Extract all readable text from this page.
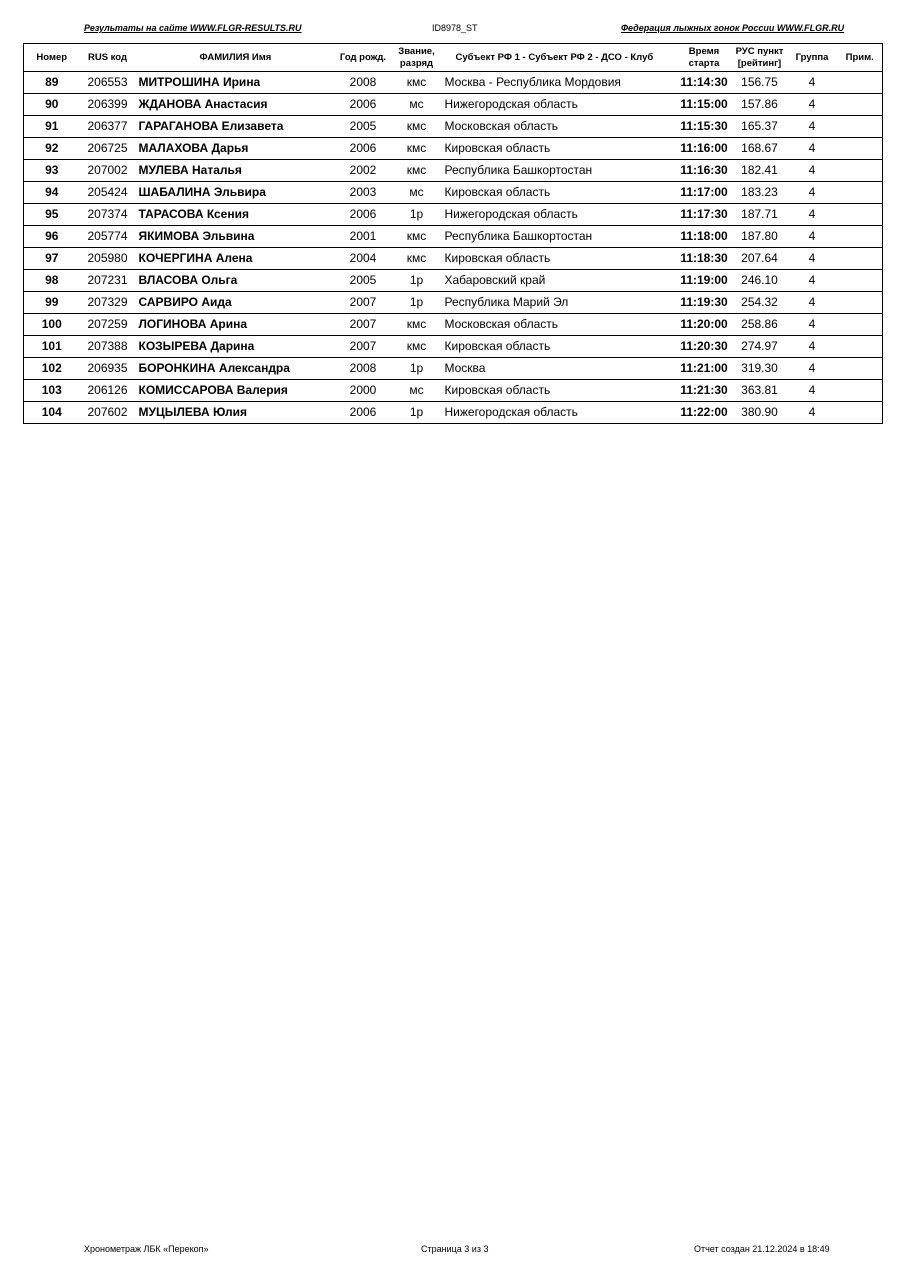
Результаты на сайте WWW.FLGR-RESULTS.RU	ID8978_ST	Федерация лыжных гонок России WWW.FLGR.RU
Номер	RUS код	ФАМИЛИЯ Имя	Год рожд.	Звание,
разряд	Субъект РФ 1 - Субъект РФ 2 - ДСО - Клуб	Время
старта	РУС пункт
[рейтинг]	Группа	Прим.
89	206553	МИТРОШИНА Ирина	2008	кмс	Москва - Республика Мордовия	11:14:30	156.75	4	
90	206399	ЖДАНОВА Анастасия	2006	мс	Нижегородская область	11:15:00	157.86	4	
91	206377	ГАРАГАНОВА Елизавета	2005	кмс	Московская область	11:15:30	165.37	4	
92	206725	МАЛАХОВА Дарья	2006	кмс	Кировская область	11:16:00	168.67	4	
93	207002	МУЛЕВА Наталья	2002	кмс	Республика Башкортостан	11:16:30	182.41	4	
94	205424	ШАБАЛИНА Эльвира	2003	мс	Кировская область	11:17:00	183.23	4	
95	207374	ТАРАСОВА Ксения	2006	1р	Нижегородская область	11:17:30	187.71	4	
96	205774	ЯКИМОВА Эльвина	2001	кмс	Республика Башкортостан	11:18:00	187.80	4	
97	205980	КОЧЕРГИНА Алена	2004	кмс	Кировская область	11:18:30	207.64	4	
98	207231	ВЛАСОВА Ольга	2005	1р	Хабаровский край	11:19:00	246.10	4	
99	207329	САРВИРО Аида	2007	1р	Республика Марий Эл	11:19:30	254.32	4	
100	207259	ЛОГИНОВА Арина	2007	кмс	Московская область	11:20:00	258.86	4	
101	207388	КОЗЫРЕВА Дарина	2007	кмс	Кировская область	11:20:30	274.97	4	
102	206935	БОРОНКИНА Александра	2008	1р	Москва	11:21:00	319.30	4	
103	206126	КОМИССАРОВА Валерия	2000	мс	Кировская область	11:21:30	363.81	4	
104	207602	МУЦЫЛЕВА Юлия	2006	1р	Нижегородская область	11:22:00	380.90	4	
Хронометраж ЛБК «Перекоп»	Страница 3 из 3	Отчет создан 21.12.2024 в 18:49
